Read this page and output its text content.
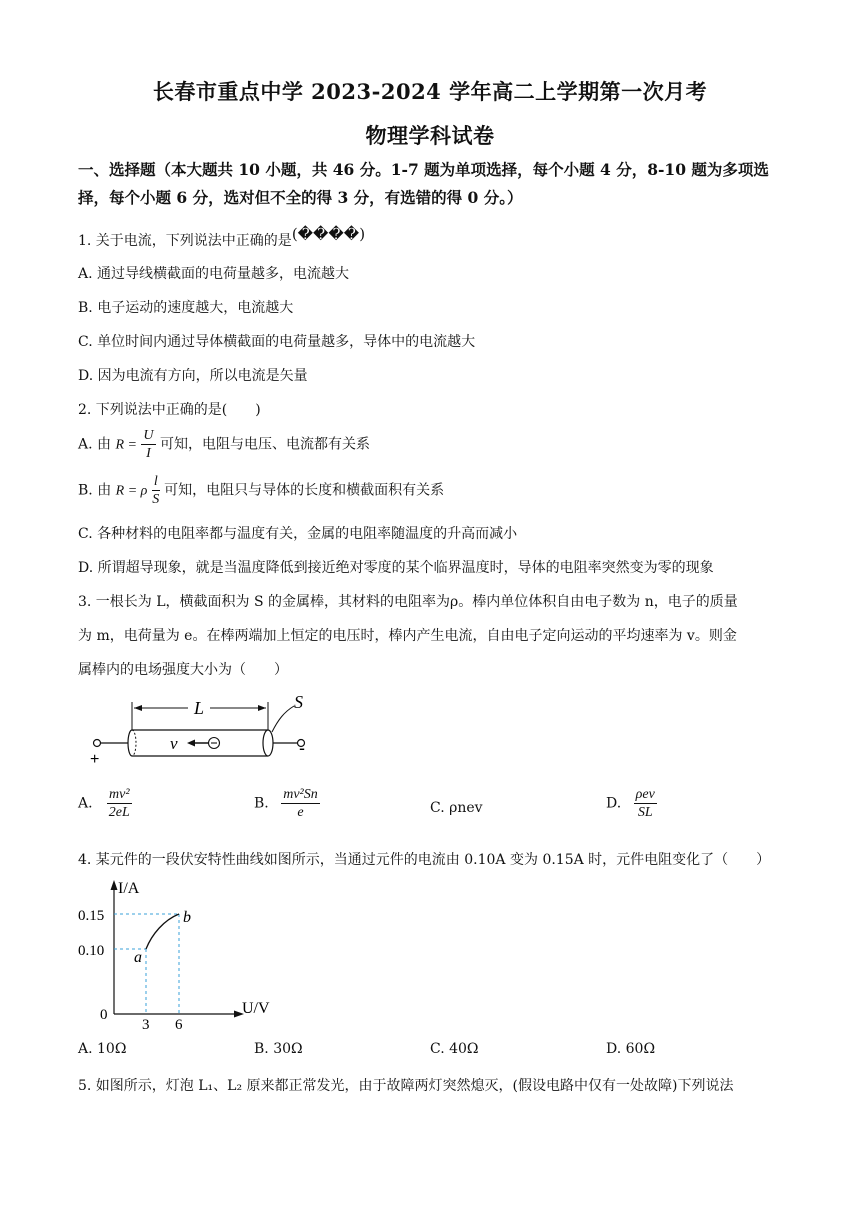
长春市重点中学 2023-2024 学年高二上学期第一次月考
物理学科试卷
一、选择题（本大题共 10 小题，共 46 分。1-7 题为单项选择，每个小题 4 分，8-10 题为多项选择，每个小题 6 分，选对但不全的得 3 分，有选错的得 0 分。）
1. 关于电流，下列说法中正确的是(����)
A. 通过导线横截面的电荷量越多，电流越大
B. 电子运动的速度越大，电流越大
C. 单位时间内通过导体横截面的电荷量越多，导体中的电流越大
D. 因为电流有方向，所以电流是矢量
2. 下列说法中正确的是(　　)
A. 由 $R = \frac{U}{I}$ 可知，电阻与电压、电流都有关系
B. 由 R = ρ $\frac{l}{S}$ 可知，电阻只与导体的长度和横截面积有关系
C. 各种材料的电阻率都与温度有关，金属的电阻率随温度的升高而减小
D. 所谓超导现象，就是当温度降低到接近绝对零度的某个临界温度时，导体的电阻率突然变为零的现象
3. 一根长为 L，横截面积为 S 的金属棒，其材料的电阻率为ρ。棒内单位体积自由电子数为 n，电子的质量
为 m，电荷量为 e。在棒两端加上恒定的电压时，棒内产生电流，自由电子定向运动的平均速率为 v。则金
属棒内的电场强度大小为（　　）
L	S
+
-
v
A. $\frac{\text{mv²}}{2eL}$	B. $\frac{\text{mv²Sn}}{e}$	C. ρnev	D. $\frac{\text{ρev}}{SL}$
4. 某元件的一段伏安特性曲线如图所示，当通过元件的电流由 0.10A 变为 0.15A 时，元件电阻变化了（　　）
I/A
U/V
0.15
0.10
0
3 6
a
b
A. 10Ω	B. 30Ω	C. 40Ω	D. 60Ω
5. 如图所示，灯泡 L₁、L₂ 原来都正常发光，由于故障两灯突然熄灭，(假设电路中仅有一处故障)下列说法
